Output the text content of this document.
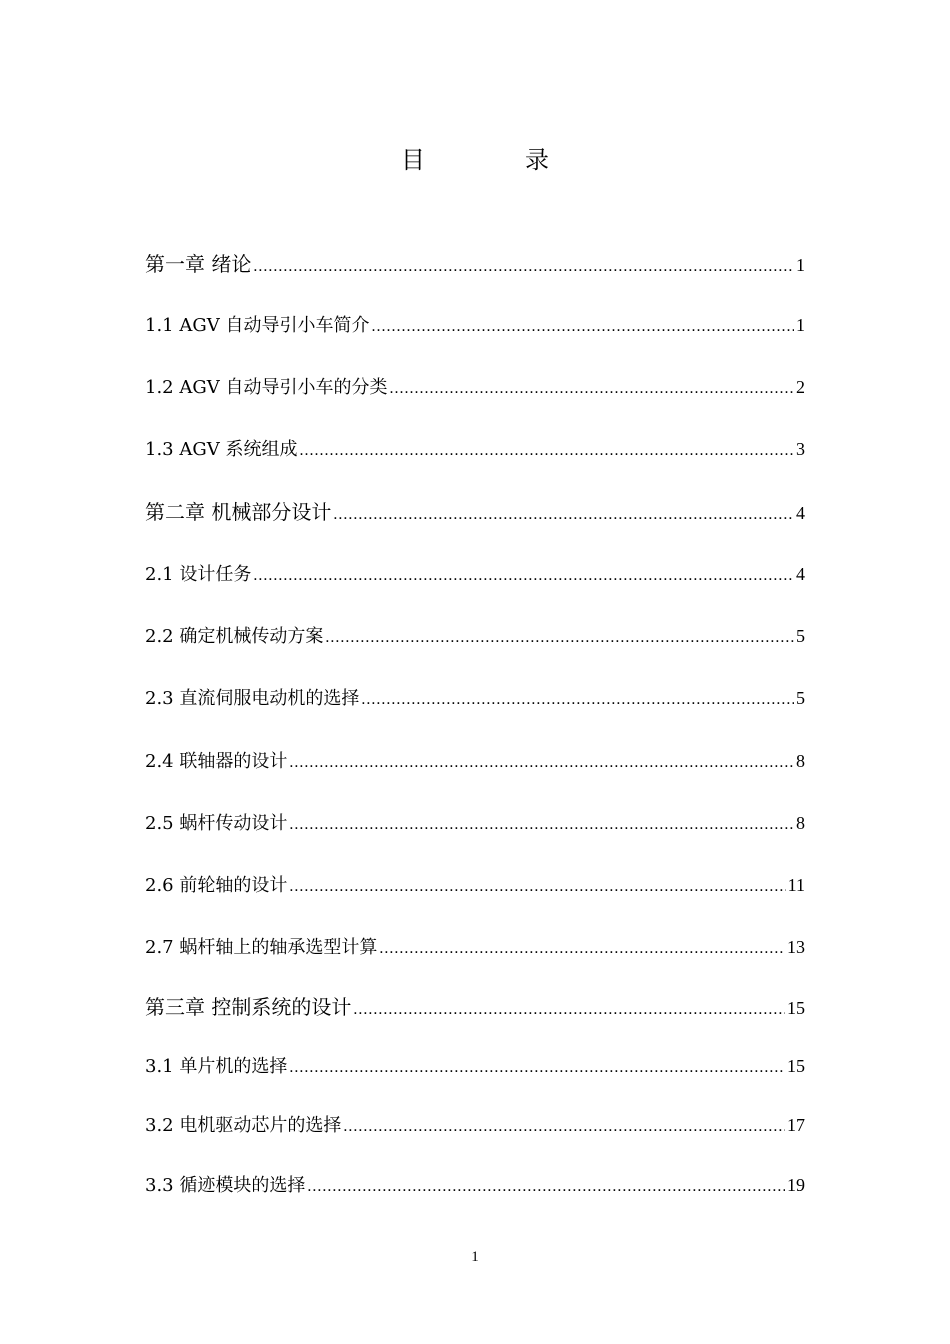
目	录
第一章 绪论 .....	1
1.1 AGV 自动导引小车简介 .....	1
1.2 AGV 自动导引小车的分类 .....	2
1.3 AGV 系统组成 .....	3
第二章 机械部分设计 .....	4
2.1 设计任务 .....	4
2.2 确定机械传动方案 .....	5
2.3 直流伺服电动机的选择 .....	5
2.4 联轴器的设计 .....	8
2.5 蜗杆传动设计 .....	8
2.6 前轮轴的设计 .....	11
2.7 蜗杆轴上的轴承选型计算 .....	13
第三章 控制系统的设计 .....	15
3.1 单片机的选择 .....	15
3.2 电机驱动芯片的选择 .....	17
3.3 循迹模块的选择 .....	19
1
